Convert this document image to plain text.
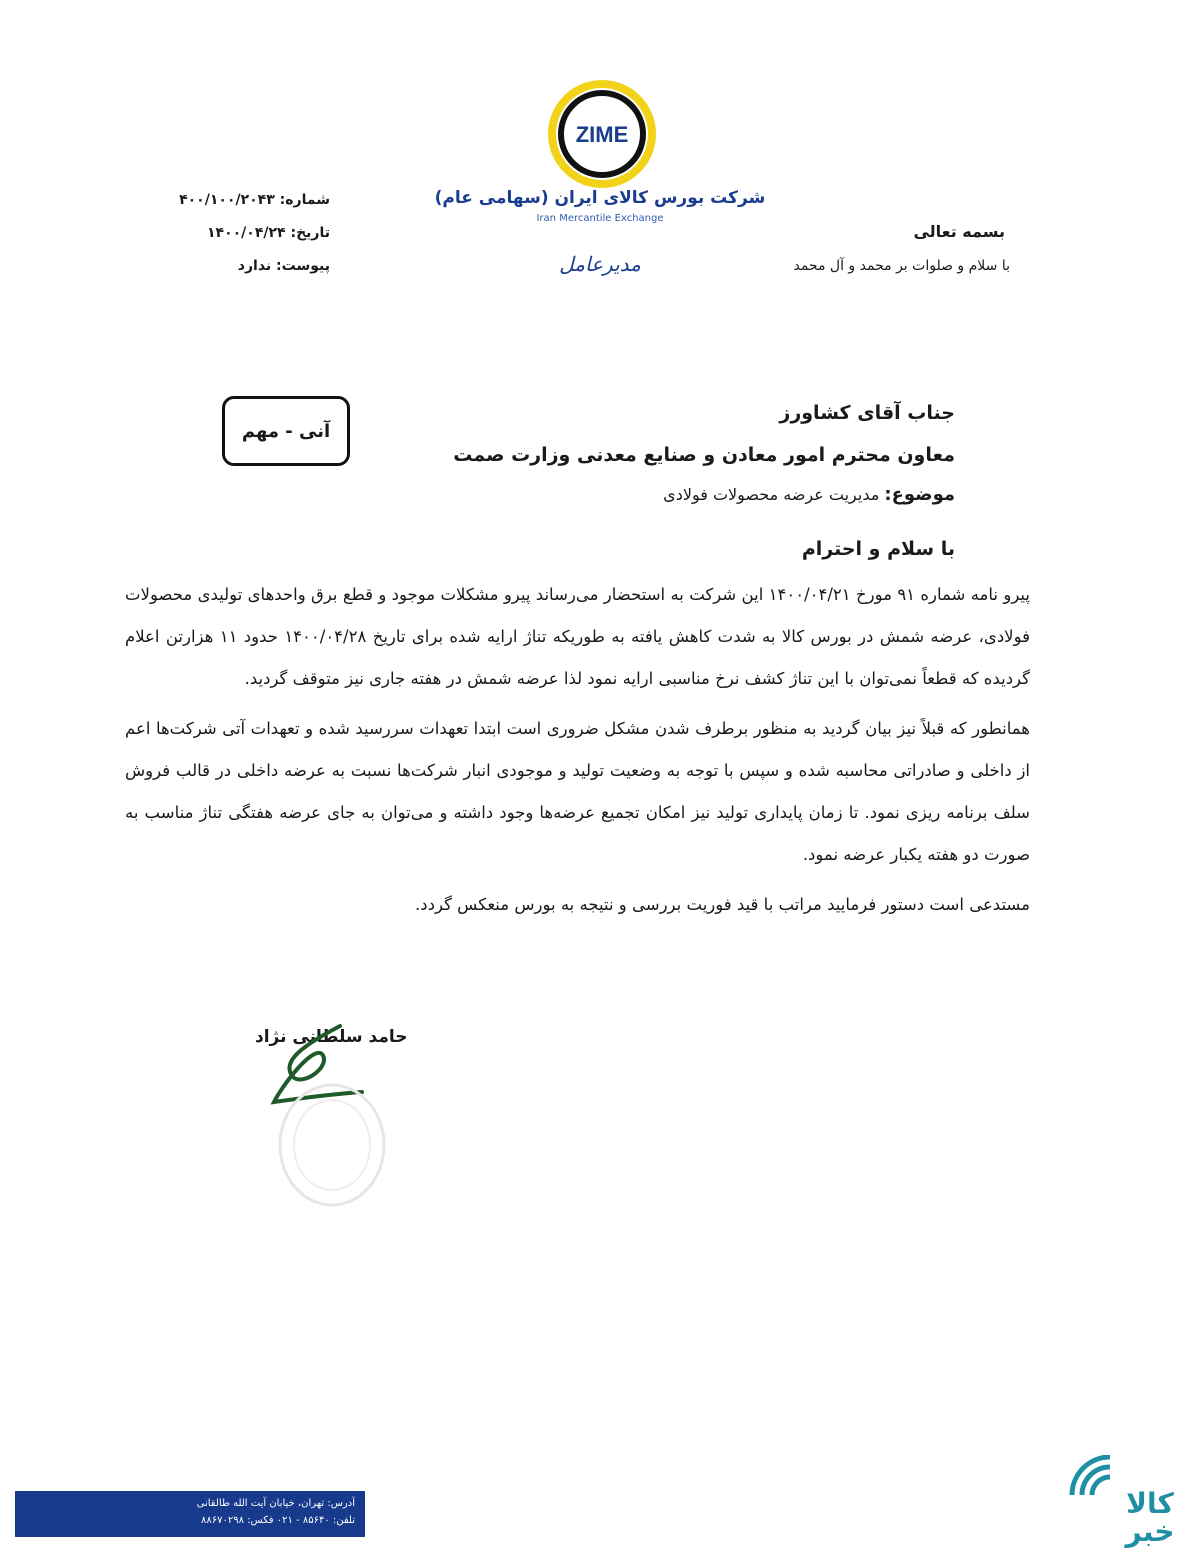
ZIME
شرکت بورس کالای ایران (سهامی عام)
Iran Mercantile Exchange
مدیرعامل
شماره: ۴۰۰/۱۰۰/۲۰۴۳
تاریخ: ۱۴۰۰/۰۴/۲۴
پیوست: ندارد
بسمه تعالی
با سلام و صلوات بر محمد و آل محمد
جناب آقای کشاورز
معاون محترم امور معادن و صنایع معدنی وزارت صمت
موضوع: مدیریت عرضه محصولات فولادی
آنی - مهم
با سلام و احترام

پیرو نامه شماره ۹۱ مورخ ۱۴۰۰/۰۴/۲۱ این شرکت به استحضار می‌رساند پیرو مشکلات موجود و قطع برق واحدهای تولیدی محصولات فولادی، عرضه شمش در بورس کالا به شدت کاهش یافته به طوریکه تناژ ارایه شده برای تاریخ ۱۴۰۰/۰۴/۲۸ حدود ۱۱ هزارتن اعلام گردیده که قطعاً نمی‌توان با این تناژ کشف نرخ مناسبی ارایه نمود لذا عرضه شمش در هفته جاری نیز متوقف گردید.

همانطور که قبلاً نیز بیان گردید به منظور برطرف شدن مشکل ضروری است ابتدا تعهدات سررسید شده و تعهدات آتی شرکت‌ها اعم از داخلی و صادراتی محاسبه شده و سپس با توجه به وضعیت تولید و موجودی انبار شرکت‌ها نسبت به عرضه داخلی در قالب فروش سلف برنامه ریزی نمود. تا زمان پایداری تولید نیز امکان تجمیع عرضه‌ها وجود داشته و می‌توان به جای عرضه هفتگی تناژ مناسب به صورت دو هفته یکبار عرضه نمود.

مستدعی است دستور فرمایید مراتب با قید فوریت بررسی و نتیجه به بورس منعکس گردد.

حامد سلطانی نژاد
آدرس: تهران، خیابان آیت الله طالقانی
تلفن: ۸۵۶۴۰ - ۰۲۱ فکس: ۸۸۶۷۰۲۹۸
کالا خبر
